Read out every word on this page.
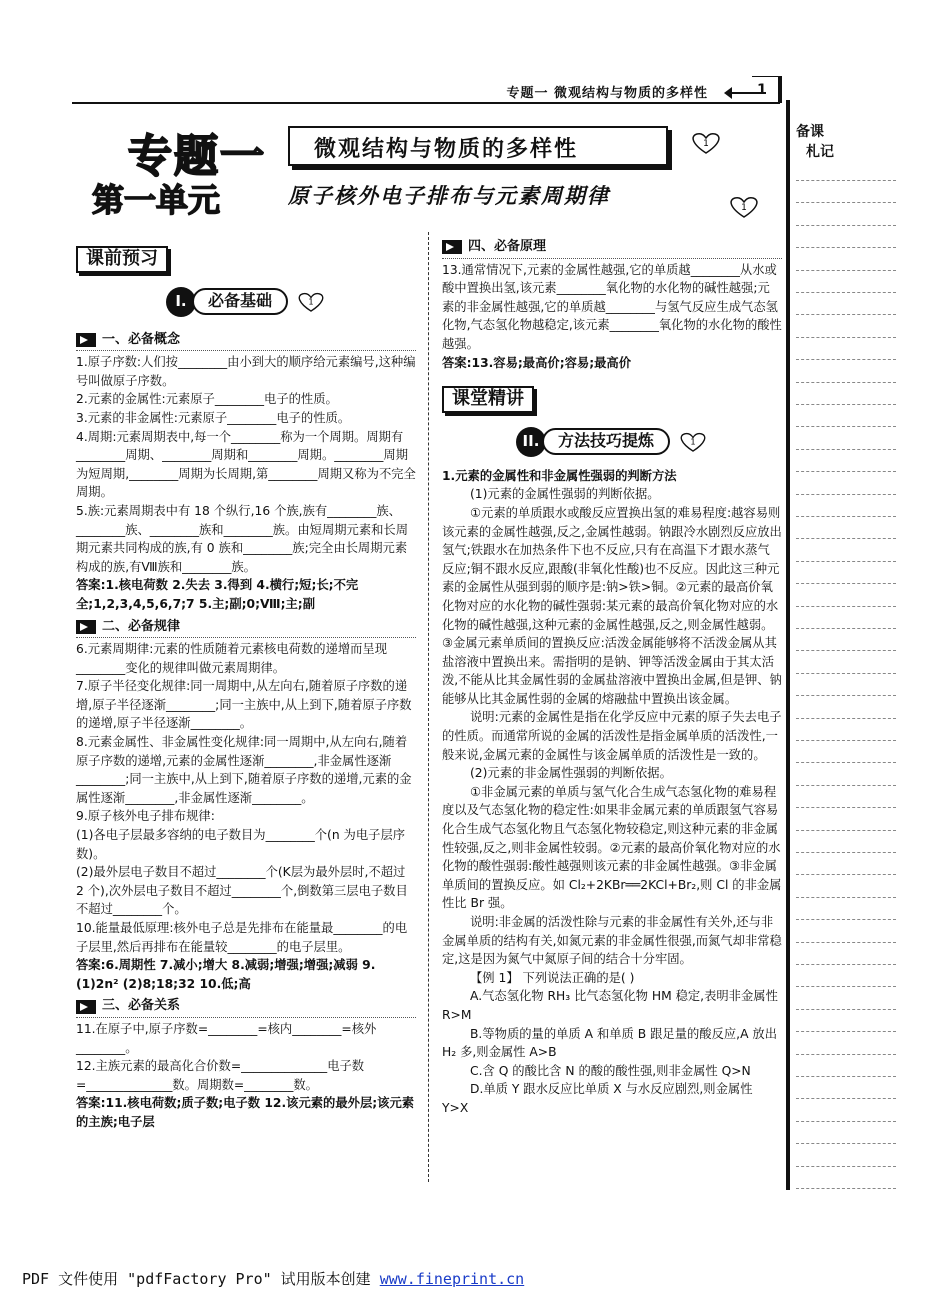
专题一 微观结构与物质的多样性	1
备课
札记
专题一 微观结构与物质的多样性	1
第一单元	原子核外电子排布与元素周期律	1
课前预习
I.	必备基础	1
一、必备概念

1.原子序数:人们按________由小到大的顺序给元素编号,这种编号叫做原子序数。

2.元素的金属性:元素原子________电子的性质。

3.元素的非金属性:元素原子________电子的性质。

4.周期:元素周期表中,每一个________称为一个周期。周期有________周期、________周期和________周期。________周期为短周期,________周期为长周期,第________周期又称为不完全周期。

5.族:元素周期表中有 18 个纵行,16 个族,族有________族、________族、________族和________族。由短周期元素和长周期元素共同构成的族,有 0 族和________族;完全由长周期元素构成的族,有Ⅷ族和________族。

答案:1.核电荷数 2.失去 3.得到 4.横行;短;长;不完全;1,2,3,4,5,6,7;7 5.主;副;0;Ⅷ;主;副

二、必备规律

6.元素周期律:元素的性质随着元素核电荷数的递增而呈现________变化的规律叫做元素周期律。

7.原子半径变化规律:同一周期中,从左向右,随着原子序数的递增,原子半径逐渐________;同一主族中,从上到下,随着原子序数的递增,原子半径逐渐________。

8.元素金属性、非金属性变化规律:同一周期中,从左向右,随着原子序数的递增,元素的金属性逐渐________,非金属性逐渐________;同一主族中,从上到下,随着原子序数的递增,元素的金属性逐渐________,非金属性逐渐________。

9.原子核外电子排布规律:

(1)各电子层最多容纳的电子数目为________个(n 为电子层序数)。

(2)最外层电子数目不超过________个(K层为最外层时,不超过 2 个),次外层电子数目不超过________个,倒数第三层电子数目不超过________个。

10.能量最低原理:核外电子总是先排布在能量最________的电子层里,然后再排布在能量较________的电子层里。

答案:6.周期性 7.减小;增大 8.减弱;增强;增强;减弱 9.(1)2n² (2)8;18;32 10.低;高

三、必备关系

11.在原子中,原子序数=________=核内________=核外________。

12.主族元素的最高化合价数=______________电子数=______________数。周期数=________数。

答案:11.核电荷数;质子数;电子数 12.该元素的最外层;该元素的主族;电子层

四、必备原理

13.通常情况下,元素的金属性越强,它的单质越________从水或酸中置换出氢,该元素________氧化物的水化物的碱性越强;元素的非金属性越强,它的单质越________与氢气反应生成气态氢化物,气态氢化物越稳定,该元素________氧化物的水化物的酸性越强。

答案:13.容易;最高价;容易;最高价

课堂精讲
II.	方法技巧提炼	1

1.元素的金属性和非金属性强弱的判断方法

(1)元素的金属性强弱的判断依据。

①元素的单质跟水或酸反应置换出氢的难易程度:越容易则该元素的金属性越强,反之,金属性越弱。钠跟冷水剧烈反应放出氢气;铁跟水在加热条件下也不反应,只有在高温下才跟水蒸气反应;铜不跟水反应,跟酸(非氧化性酸)也不反应。因此这三种元素的金属性从强到弱的顺序是:钠>铁>铜。②元素的最高价氧化物对应的水化物的碱性强弱:某元素的最高价氧化物对应的水化物的碱性越强,这种元素的金属性越强,反之,则金属性越弱。③金属元素单质间的置换反应:活泼金属能够将不活泼金属从其盐溶液中置换出来。需指明的是钠、钾等活泼金属由于其太活泼,不能从比其金属性弱的金属盐溶液中置换出金属,但是钾、钠能够从比其金属性弱的金属的熔融盐中置换出该金属。

说明:元素的金属性是指在化学反应中元素的原子失去电子的性质。而通常所说的金属的活泼性是指金属单质的活泼性,一般来说,金属元素的金属性与该金属单质的活泼性是一致的。

(2)元素的非金属性强弱的判断依据。

①非金属元素的单质与氢气化合生成气态氢化物的难易程度以及气态氢化物的稳定性:如果非金属元素的单质跟氢气容易化合生成气态氢化物且气态氢化物较稳定,则这种元素的非金属性较强,反之,则非金属性较弱。②元素的最高价氧化物对应的水化物的酸性强弱:酸性越强则该元素的非金属性越强。③非金属单质间的置换反应。如 Cl₂+2KBr══2KCl+Br₂,则 Cl 的非金属性比 Br 强。

说明:非金属的活泼性除与元素的非金属性有关外,还与非金属单质的结构有关,如氮元素的非金属性很强,而氮气却非常稳定,这是因为氮气中氮原子间的结合十分牢固。

【例 1】 下列说法正确的是( )

A.气态氢化物 RH₃ 比气态氢化物 HM 稳定,表明非金属性 R>M

B.等物质的量的单质 A 和单质 B 跟足量的酸反应,A 放出 H₂ 多,则金属性 A>B

C.含 Q 的酸比含 N 的酸的酸性强,则非金属性 Q>N

D.单质 Y 跟水反应比单质 X 与水反应剧烈,则金属性 Y>X

PDF 文件使用 "pdfFactory Pro" 试用版本创建 www.fineprint.cn
